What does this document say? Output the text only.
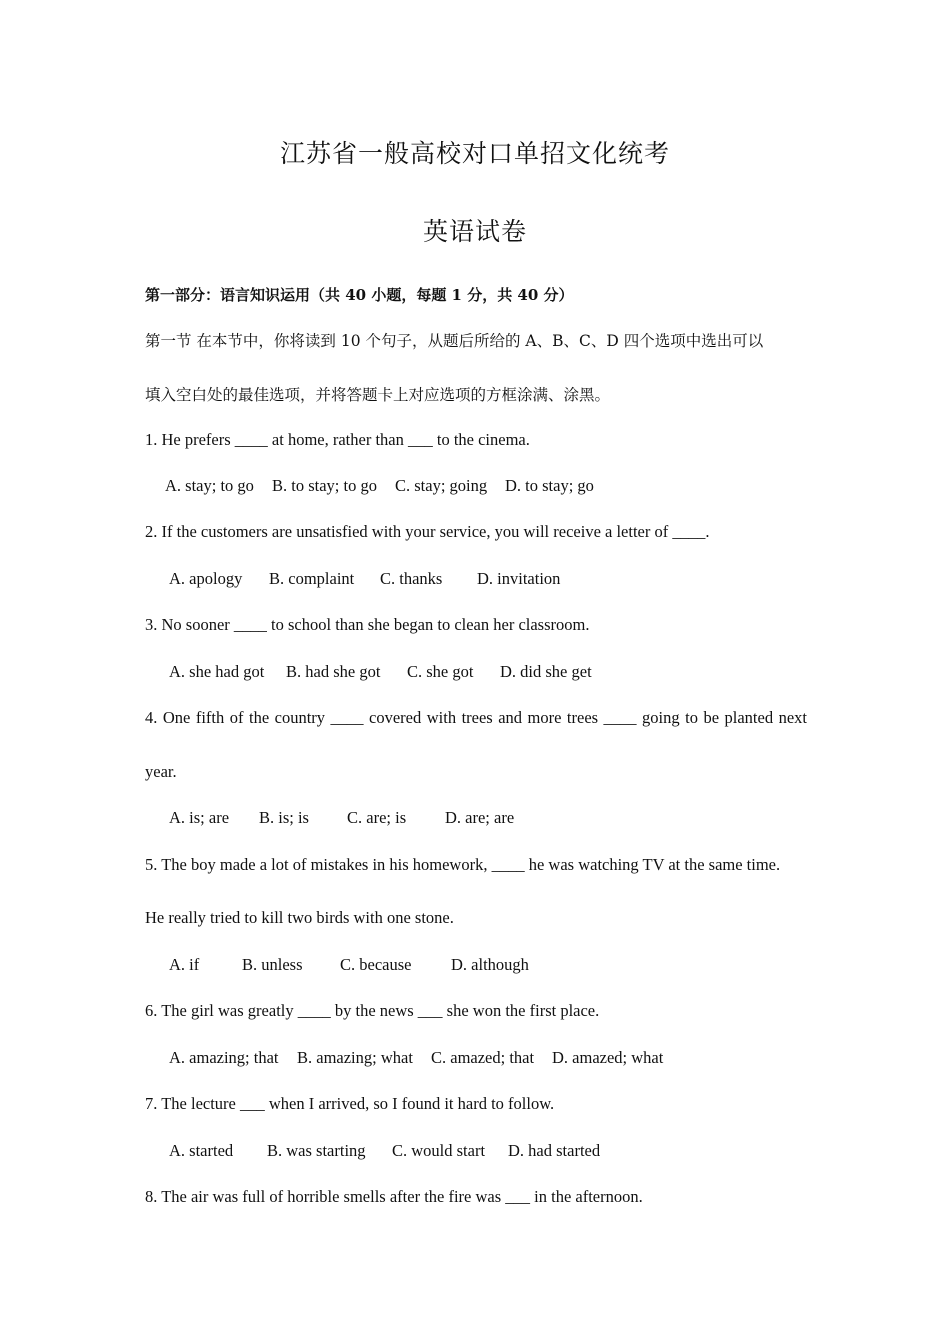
江苏省一般高校对口单招文化统考
英语试卷
第一部分：语言知识运用（共 40 小题，每题 1 分，共 40 分）
第一节 在本节中，你将读到 10 个句子，从题后所给的 A、B、C、D 四个选项中选出可以
填入空白处的最佳选项，并将答题卡上对应选项的方框涂满、涂黑。
1. He prefers ____ at home, rather than ___ to the cinema.
A. stay; to go B. to stay; to go C. stay; going D. to stay; go
2. If the customers are unsatisfied with your service, you will receive a letter of ____.
A. apology B. complaint C. thanks D. invitation
3. No sooner ____ to school than she began to clean her classroom.
A. she had got B. had she got C. she got D. did she get
4. One fifth of the country ____ covered with trees and more trees ____ going to be planted next
year.
A. is; are B. is; is C. are; is D. are; are
5. The boy made a lot of mistakes in his homework, ____ he was watching TV at the same time.
He really tried to kill two birds with one stone.
A. if	B. unless C. because D. although
6. The girl was greatly ____ by the news ___ she won the first place.
A. amazing; that B. amazing; what C. amazed; that D. amazed; what
7. The lecture ___ when I arrived, so I found it hard to follow.
A. started B. was starting C. would start D. had started
8. The air was full of horrible smells after the fire was ___ in the afternoon.
